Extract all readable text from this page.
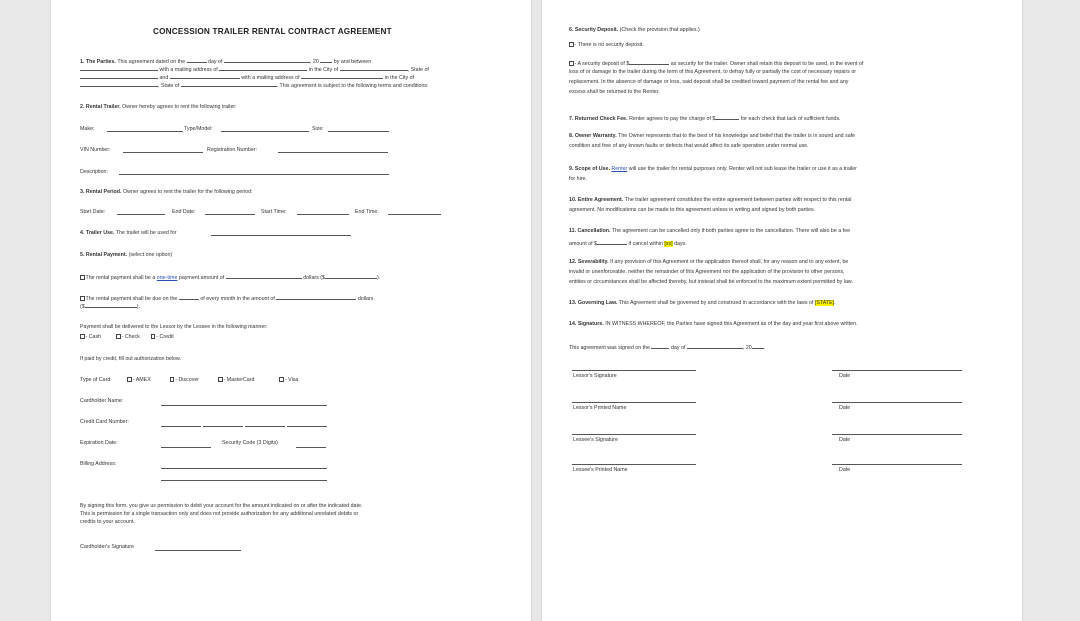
CONCESSION TRAILER RENTAL CONTRACT AGREEMENT
1. The Parties. This agreement dated on the	day of	, 20	by and between
with a mailing address of	in the City of	, State of
and	with a mailing address of	in the City of
, State of	. This agreement is subject to the following terms and conditions:
2. Rental Trailer. Owner hereby agrees to rent the following trailer:
Make:	Type/Model:	Size:
VIN Number:	Registration Number:
Description:
3. Rental Period. Owner agrees to rent the trailer for the following period:
Start Date:	End Date:	Start Time:	End Time:
4. Trailer Use. The trailer will be used for
5. Rental Payment. (select one option)
The rental payment shall be a one-time payment amount of	dollars ($	).
The rental payment shall be due on the	of every month in the amount of	dollars
($	).
Payment shall be delivered to the Lessor by the Lessee in the following manner:
- Cash	- Check	- Credit
If paid by credit, fill out authorization below.
Type of Card	- AMEX	- Discover	- MasterCard	- Visa
Cardholder Name:
Credit Card Number:
Expiration Date:	Security Code (3 Digits)
Billing Address:
By signing this form, you give us permission to debit your account for the amount indicated on or after the indicated date.
This is permission for a single transaction only and does not provide authorization for any additional unrelated debits or
credits to your account.
Cardholder's Signature
6. Security Deposit. (Check the provision that applies.)
- There is no security deposit.
- A security deposit of $	as security for the trailer. Owner shall retain this deposit to be used, in the event of
loss of or damage to the trailer during the term of this Agreement, to defray fully or partially the cost of necessary repairs or
replacement. In the absence of damage or loss, said deposit shall be credited toward payment of the rental fee and any
excess shall be returned to the Renter.
7. Returned Check Fee. Renter agrees to pay the charge of $	for each check that lack of sufficient funds.
8. Owner Warranty. The Owner represents that to the best of his knowledge and belief that the trailer is in sound and safe
condition and free of any known faults or defects that would affect its safe operation under normal use.
9. Scope of Use. Renter will use the trailer for rental purposes only. Renter will not sub lease the trailer or use it as a trailer
for hire.
10. Entire Agreement. The trailer agreement constitutes the entire agreement between parties with respect to this rental
agreement. No modifications can be made to this agreement unless in writing and signed by both parties.
11. Cancellation. The agreement can be cancelled only if both parties agree to the cancellation. There will also be a fee
amount of $	if cancel within [xx] days.
12. Severability. If any provision of this Agreement or the application thereof shall, for any reason and to any extent, be
invalid or unenforceable, neither the remainder of this Agreement nor the application of the provision to other persons,
entities or circumstances shall be affected thereby, but instead shall be enforced to the maximum extent permitted by law.
13. Governing Law. This Agreement shall be governed by and construed in accordance with the laws of [STATE].
14. Signature. IN WITNESS WHEREOF, the Parties have signed this Agreement as of the day and year first above written.
This agreement was signed on the	day of	, 20 .
Lessor's Signature	Date
Lessor's Printed Name	Date
Lessee's Signature	Date
Lessee's Printed Name	Date
